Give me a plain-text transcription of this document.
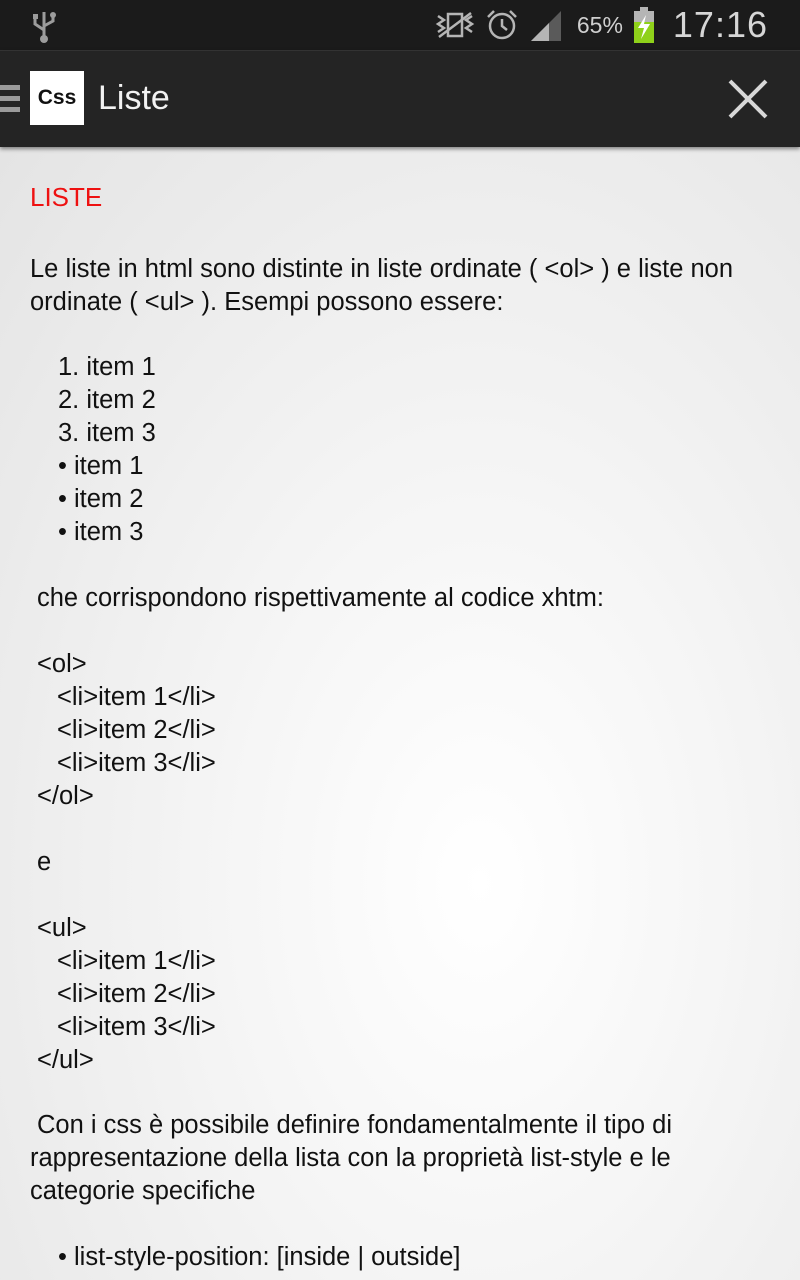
65% 17:16
Css Liste
LISTE
Le liste in html sono distinte in liste ordinate ( <ol> ) e liste non ordinate ( <ul> ). Esempi possono essere:
1. item 1
2. item 2
3. item 3
• item 1
• item 2
• item 3
che corrispondono rispettivamente al codice xhtm:
<ol>
<li>item 1</li>
<li>item 2</li>
<li>item 3</li>
</ol>
e
<ul>
<li>item 1</li>
<li>item 2</li>
<li>item 3</li>
</ul>
Con i css è possibile definire fondamentalmente il tipo di
rappresentazione della lista con la proprietà list-style e le
categorie specifiche
• list-style-position: [inside | outside]
